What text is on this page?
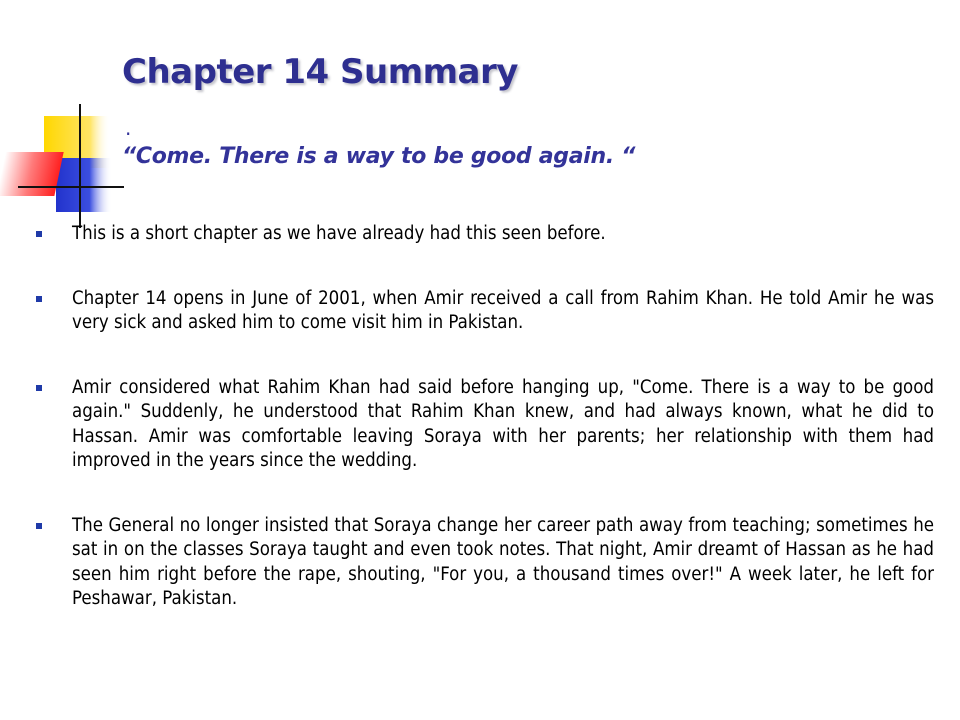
Chapter 14 Summary
.
“Come. There is a way to be good again. “
This is a short chapter as we have already had this seen before.
Chapter 14 opens in June of 2001, when Amir received a call from Rahim Khan. He told Amir he was very sick and asked him to come visit him in Pakistan.
Amir considered what Rahim Khan had said before hanging up, "Come. There is a way to be good again." Suddenly, he understood that Rahim Khan knew, and had always known, what he did to Hassan. Amir was comfortable leaving Soraya with her parents; her relationship with them had improved in the years since the wedding.
The General no longer insisted that Soraya change her career path away from teaching; sometimes he sat in on the classes Soraya taught and even took notes. That night, Amir dreamt of Hassan as he had seen him right before the rape, shouting, "For you, a thousand times over!" A week later, he left for Peshawar, Pakistan.
